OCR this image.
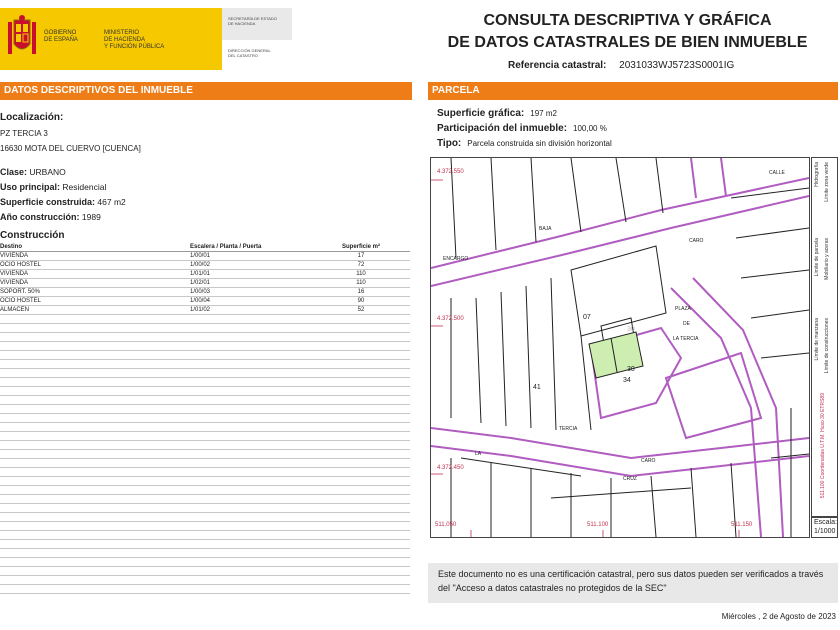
GOBIERNO
DE ESPAÑA
MINISTERIO
DE HACIENDA
Y FUNCIÓN PÚBLICA
SECRETARÍA DE ESTADO
DE HACIENDA
DIRECCIÓN GENERAL
DEL CATASTRO
CONSULTA DESCRIPTIVA Y GRÁFICA
DE DATOS CATASTRALES DE BIEN INMUEBLE
Referencia catastral: 2031033WJ5723S0001IG
DATOS DESCRIPTIVOS DEL INMUEBLE
Localización:
PZ TERCIA 3
16630 MOTA DEL CUERVO [CUENCA]
Clase: URBANO
Uso principal: Residencial
Superficie construida: 467 m2
Año construcción: 1989
Construcción
Destino	Escalera / Planta / Puerta	Superficie m²
VIVIENDA	1/00/01	17
OCIO HOSTEL	1/00/02	72
VIVIENDA	1/01/01	110
VIVIENDA	1/02/01	110
SOPORT. 50%	1/00/03	16
OCIO HOSTEL	1/00/04	90
ALMACEN	1/01/02	52
PARCELA
Superficie gráfica: 197 m2
Participación del inmueble: 100,00 %
Tipo: Parcela construida sin división horizontal
4.372.550
4.372.500
4.372.450
511.050	511.100	511.150
CALLE
ENCARGO
BAJA
CARO
PLAZA
DE
LA TERCIA
LA
TERCIA
CRUZ
CARO
07
30
41
34
30
Hidrografía Límite zona verde
Límite de parcela Mobiliario y aceras
Límite de construcciones
Límite de manzana
511.100 Coordenadas U.T.M. Huso 30 ETRS89
Escala:
1/1000
Este documento no es una certificación catastral, pero sus datos pueden ser verificados a través del "Acceso a datos catastrales no protegidos de la SEC"
Miércoles , 2 de Agosto de 2023
